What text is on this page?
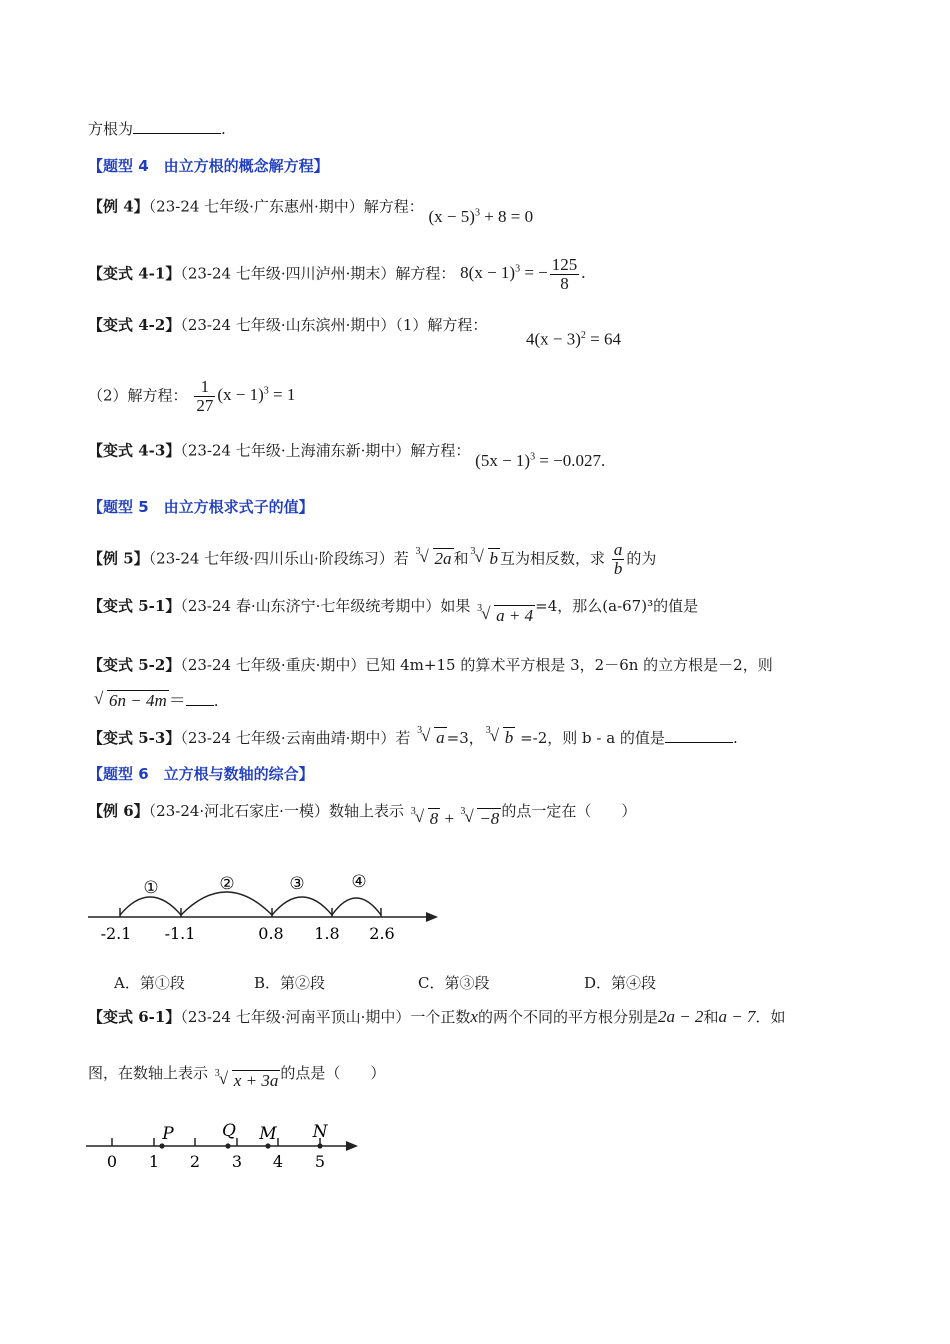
方根为	.
【题型 4　由立方根的概念解方程】
【例 4】（23-24 七年级·广东惠州·期中）解方程： $(x - 5)^3 + 8 = 0$
【变式 4-1】（23-24 七年级·四川泸州·期末）解方程： $8(x - 1)^3$ = − $\frac{125}{8}$ .
【变式 4-2】（23-24 七年级·山东滨州·期中）（1）解方程：
$4(x - 3)^2 = 64$
（2）解方程： $\frac{1}{27} (x - 1)^3 = 1$
【变式 4-3】（23-24 七年级·上海浦东新·期中）解方程： $(5x - 1)^3 = -0.027$.
【题型 5　由立方根求式子的值】
【例 5】（23-24 七年级·四川乐山·阶段练习）若 3 √ 2a 和 3 √ b 互为相反数，求 $\frac{a}{b}$ 的为
【变式 5-1】（23-24 春·山东济宁·七年级统考期中）如果 3 √ a + 4 =4，那么(a-67)³的值是
【变式 5-2】（23-24 七年级·重庆·期中）已知 4m+15 的算术平方根是 3，2－6n 的立方根是－2，则
√ 6n − 4m ＝ .
【变式 5-3】（23-24 七年级·云南曲靖·期中）若 3 √ a =3， 3 √ b =-2，则 b - a 的值是	.
【题型 6　立方根与数轴的综合】
【例 6】（23-24·河北石家庄·一模）数轴上表示 3 √ 8 + 3 √ −8 的点一定在（　　）
①	②	③	④
-2.1 -1.1	0.8 1.8 2.6
A．第①段	B．第②段	C．第③段	D．第④段
【变式 6-1】（23-24 七年级·河南平顶山·期中）一个正数x的两个不同的平方根分别是2a − 2和a − 7．如
图，在数轴上表示 3 √ x + 3a 的点是（　　）
P	Q M N
0 1 2 3 4 5
